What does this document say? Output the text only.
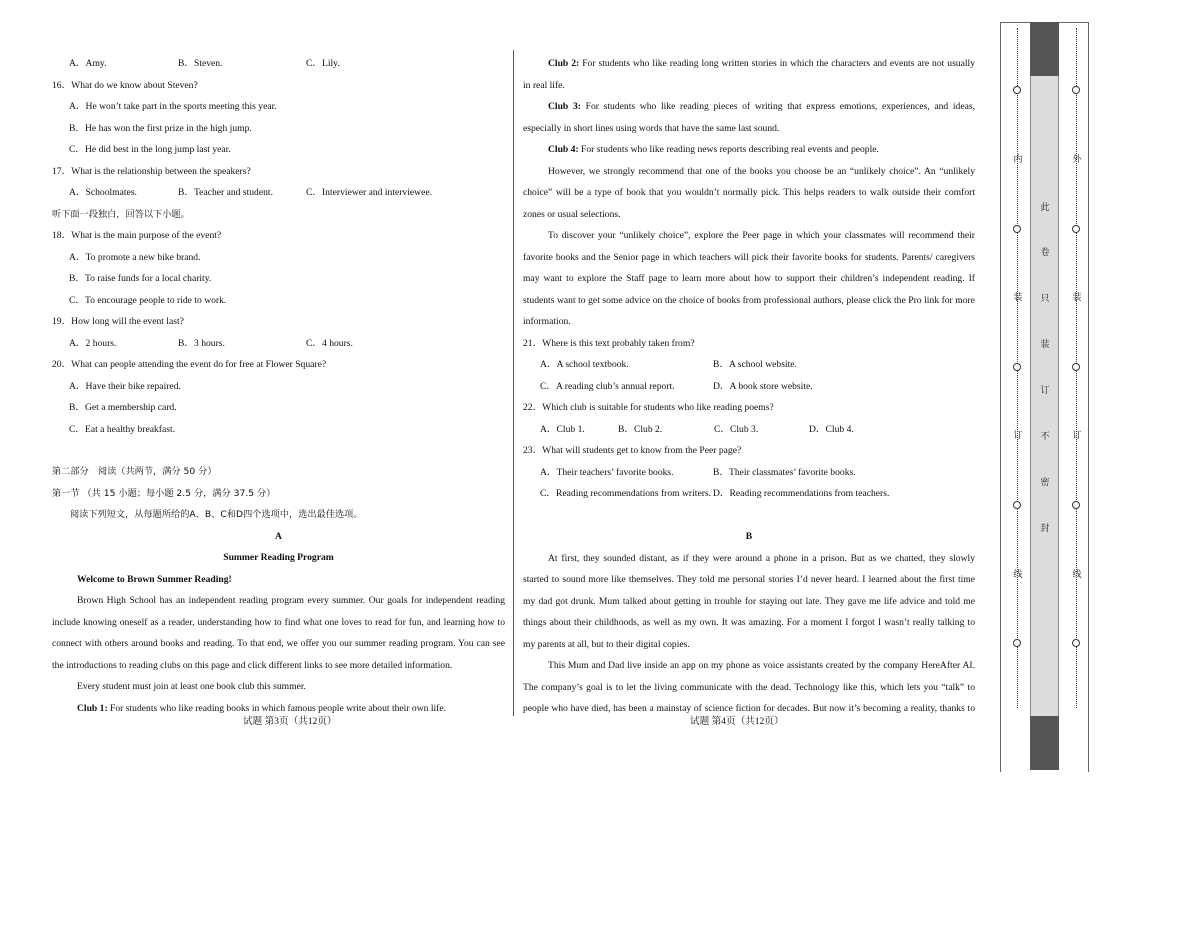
A．Amy.	B．Steven.	C．Lily.
16．What do we know about Steven?
A．He won’t take part in the sports meeting this year.
B．He has won the first prize in the high jump.
C．He did best in the long jump last year.
17．What is the relationship between the speakers?
A．Schoolmates.	B．Teacher and student.	C．Interviewer and interviewee.
听下面一段独白，回答以下小题。
18．What is the main purpose of the event?
A．To promote a new bike brand.
B．To raise funds for a local charity.
C．To encourage people to ride to work.
19．How long will the event last?
A．2 hours.	B．3 hours.	C．4 hours.
20．What can people attending the event do for free at Flower Square?
A．Have their bike repaired.
B．Get a membership card.
C．Eat a healthy breakfast.
第二部分　阅读（共两节，满分 50 分）
第一节 （共 15 小题；每小题 2.5 分，满分 37.5 分）
阅读下列短文，从每题所给的A、B、C和D四个选项中，选出最佳选项。
A
Summer Reading Program
Welcome to Brown Summer Reading!
Brown High School has an independent reading program every summer. Our goals for independent reading
include knowing oneself as a reader, understanding how to find what one loves to read for fun, and learning how to
connect with others around books and reading. To that end, we offer you our summer reading program. You can see
the introductions to reading clubs on this page and click different links to see more detailed information.
Every student must join at least one book club this summer.
Club 1: For students who like reading books in which famous people write about their own life.
Club 2: For students who like reading long written stories in which the characters and events are not usually
in real life.
Club 3: For students who like reading pieces of writing that express emotions, experiences, and ideas,
especially in short lines using words that have the same last sound.
Club 4: For students who like reading news reports describing real events and people.
However, we strongly recommend that one of the books you choose be an “unlikely choice”. An “unlikely
choice” will be a type of book that you wouldn’t normally pick. This helps readers to walk outside their comfort
zones or usual selections.
To discover your “unlikely choice”, explore the Peer page in which your classmates will recommend their
favorite books and the Senior page in which teachers will pick their favorite books for students. Parents/ caregivers
may want to explore the Staff page to learn more about how to support their children’s independent reading. If
students want to get some advice on the choice of books from professional authors, please click the Pro link for more
information.
21．Where is this text probably taken from?
A．A school textbook.	B．A school website.
C．A reading club’s annual report.	D．A book store website.
22．Which club is suitable for students who like reading poems?
A．Club 1.	B．Club 2.	C．Club 3.	D．Club 4.
23．What will students get to know from the Peer page?
A．Their teachers’ favorite books.	B．Their classmates’ favorite books.
C．Reading recommendations from writers. D．Reading recommendations from teachers.
B
At first, they sounded distant, as if they were around a phone in a prison. But as we chatted, they slowly
started to sound more like themselves. They told me personal stories I’d never heard. I learned about the first time
my dad got drunk. Mum talked about getting in trouble for staying out late. They gave me life advice and told me
things about their childhoods, as well as my own. It was amazing. For a moment I forgot I wasn’t really talking to
my parents at all, but to their digital copies.
This Mum and Dad live inside an app on my phone as voice assistants created by the company HereAfter AI.
The company’s goal is to let the living communicate with the dead. Technology like this, which lets you “talk” to
people who have died, has been a mainstay of science fiction for decades. But now it’s becoming a reality, thanks to
试题 第3页（共12页）	试题 第4页（共12页）
内
装
订
线
外
装
订
线
此
卷
只
装
订
不
密
封
